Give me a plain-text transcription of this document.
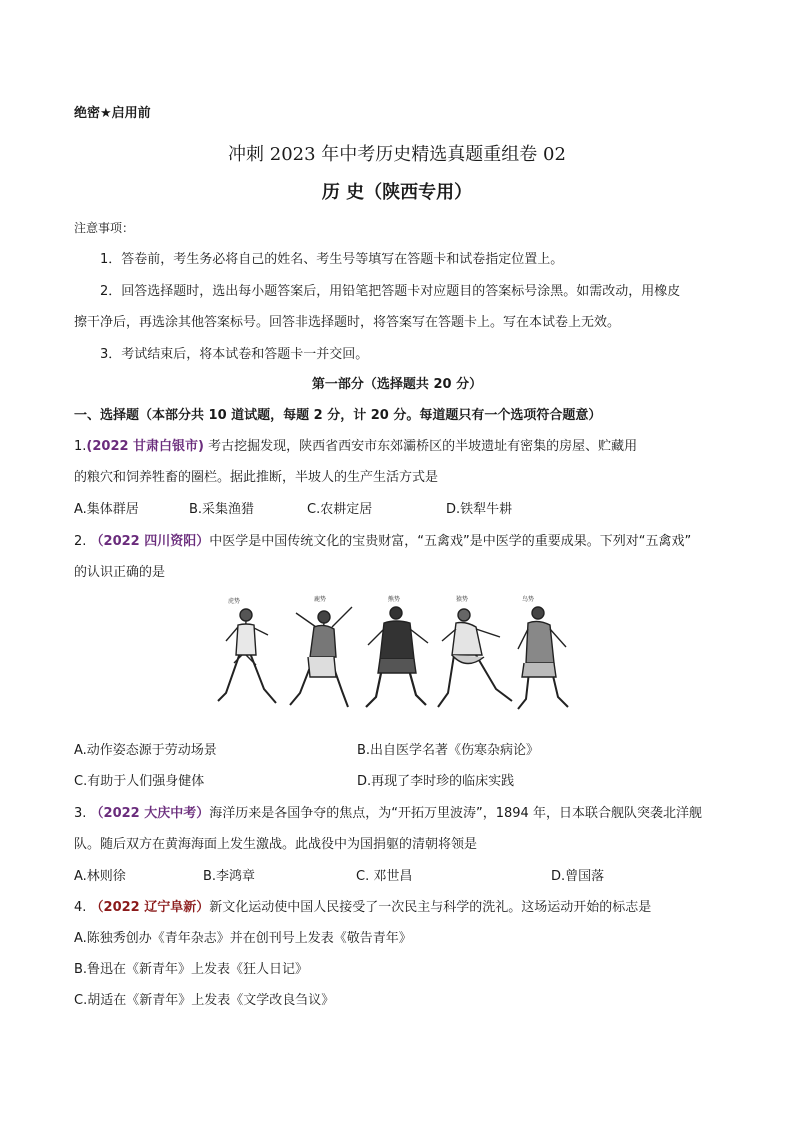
绝密★启用前
冲刺 2023 年中考历史精选真题重组卷 02
历 史（陕西专用）
注意事项：
1．答卷前，考生务必将自己的姓名、考生号等填写在答题卡和试卷指定位置上。
2．回答选择题时，选出每小题答案后，用铅笔把答题卡对应题目的答案标号涂黑。如需改动，用橡皮
擦干净后，再选涂其他答案标号。回答非选择题时，将答案写在答题卡上。写在本试卷上无效。
3．考试结束后，将本试卷和答题卡一并交回。
第一部分（选择题共 20 分）
一、选择题（本部分共 10 道试题，每题 2 分，计 20 分。每道题只有一个选项符合题意）
1.(2022 甘肃白银市) 考古挖掘发现，陕西省西安市东郊灞桥区的半坡遗址有密集的房屋、贮藏用
的粮穴和饲养牲畜的圈栏。据此推断，半坡人的生产生活方式是
A.集体群居	B.采集渔猎	C.农耕定居	D.铁犁牛耕
2. （2022 四川资阳）中医学是中国传统文化的宝贵财富，“五禽戏”是中医学的重要成果。下列对“五禽戏”
的认识正确的是
虎势	鹿势	熊势	猿势	鸟势
A.动作姿态源于劳动场景	B.出自医学名著《伤寒杂病论》
C.有助于人们强身健体	D.再现了李时珍的临床实践
3. （2022 大庆中考）海洋历来是各国争夺的焦点，为“开拓万里波涛”，1894 年，日本联合舰队突袭北洋舰
队。随后双方在黄海海面上发生激战。此战役中为国捐躯的清朝将领是
A.林则徐	B.李鸿章	C. 邓世昌	D.曾国落
4. （2022 辽宁阜新）新文化运动使中国人民接受了一次民主与科学的洗礼。这场运动开始的标志是
A.陈独秀创办《青年杂志》并在创刊号上发表《敬告青年》
B.鲁迅在《新青年》上发表《狂人日记》
C.胡适在《新青年》上发表《文学改良刍议》
